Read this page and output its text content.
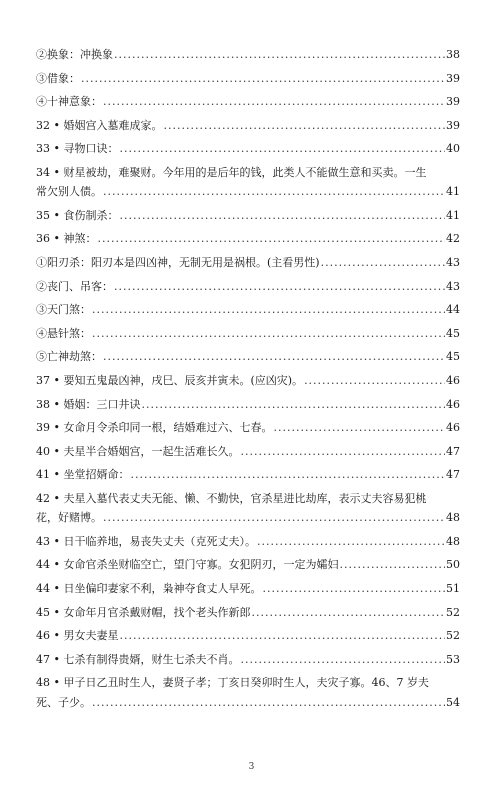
②换象：冲换象 .....	38
③借象： .....	39
④十神意象： .....	39
32 • 婚姻宫入墓难成家。 .....	39
33 • 寻物口诀： .....	40
34 • 财星被劫，难聚财。今年用的是后年的钱，此类人不能做生意和买卖。一生
常欠别人债。 .....	41
35 • 食伤制杀： .....	41
36 • 神煞： .....	42
①阳刃杀：阳刃本是四凶神，无制无用是祸根。(主看男性) .....	43
②丧门、吊客： .....	43
③天门煞： .....	44
④悬针煞： .....	45
⑤亡神劫煞： .....	45
37 • 要知五鬼最凶神，戌巳、辰亥并寅未。(应凶灾)。 .....	46
38 • 婚姻：三口井诀 .....	46
39 • 女命月令杀印同一根，结婚难过六、七春。 .....	46
40 • 夫星半合婚姻宫，一起生活难长久。 .....	47
41 • 坐堂招婿命： .....	47
42 • 夫星入墓代表丈夫无能、懒、不勤快，官杀星进比劫库，表示丈夫容易犯桃
花，好赌博。 .....	48
43 • 日干临养地，易丧失丈夫（克死丈夫）。 .....	48
44 • 女命官杀坐财临空亡，望门守寡。女犯阴刃，一定为孀妇 .....	50
44 • 日坐偏印妻家不利，枭神夺食丈人早死。 .....	51
45 • 女命年月官杀戴财帽，找个老头作新郎 .....	52
46 • 男女夫妻星 .....	52
47 • 七杀有制得贵婿，财生七杀夫不肖。 .....	53
48 • 甲子日乙丑时生人，妻贤子孝；丁亥日癸卯时生人，夫灾子寡。46、7 岁夫
死、子少。 .....	54
3
